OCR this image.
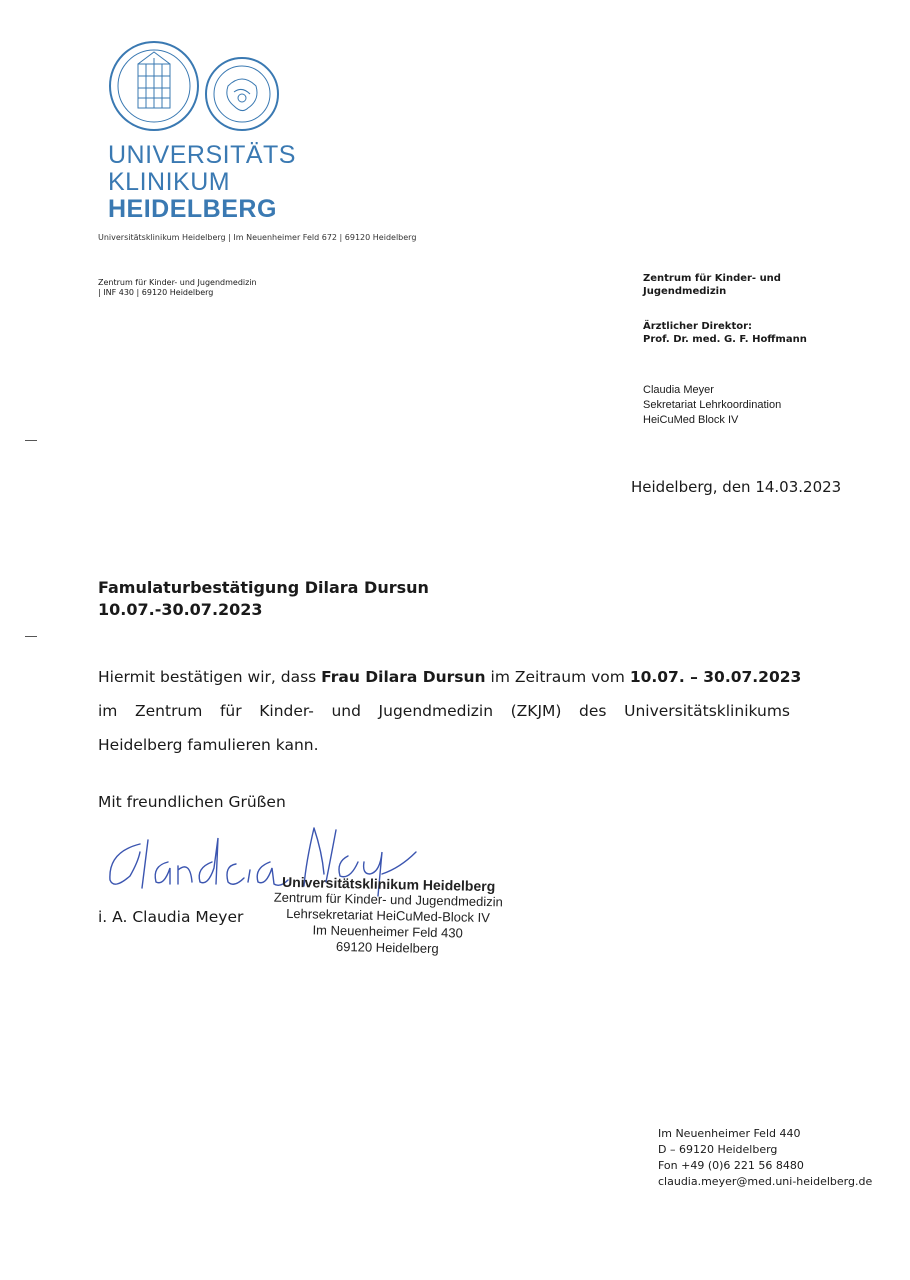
UNIVERSITÄTS
KLINIKUM
HEIDELBERG
Universitätsklinikum Heidelberg | Im Neuenheimer Feld 672 | 69120 Heidelberg
Zentrum für Kinder- und Jugendmedizin
| INF 430 | 69120 Heidelberg
Zentrum für Kinder- und
Jugendmedizin
Ärztlicher Direktor:
Prof. Dr. med. G. F. Hoffmann
Claudia Meyer
Sekretariat Lehrkoordination
HeiCuMed Block IV
Heidelberg, den 14.03.2023
Famulaturbestätigung Dilara Dursun
10.07.-30.07.2023
Hiermit bestätigen wir, dass Frau Dilara Dursun im Zeitraum vom 10.07. – 30.07.2023
im Zentrum für Kinder- und Jugendmedizin (ZKJM) des Universitätsklinikums
Heidelberg famulieren kann.
Mit freundlichen Grüßen
i. A. Claudia Meyer
Universitätsklinikum Heidelberg
Zentrum für Kinder- und Jugendmedizin
Lehrsekretariat HeiCuMed-Block IV
Im Neuenheimer Feld 430
69120 Heidelberg
Im Neuenheimer Feld 440
D – 69120 Heidelberg
Fon +49 (0)6 221 56 8480
claudia.meyer@med.uni-heidelberg.de
